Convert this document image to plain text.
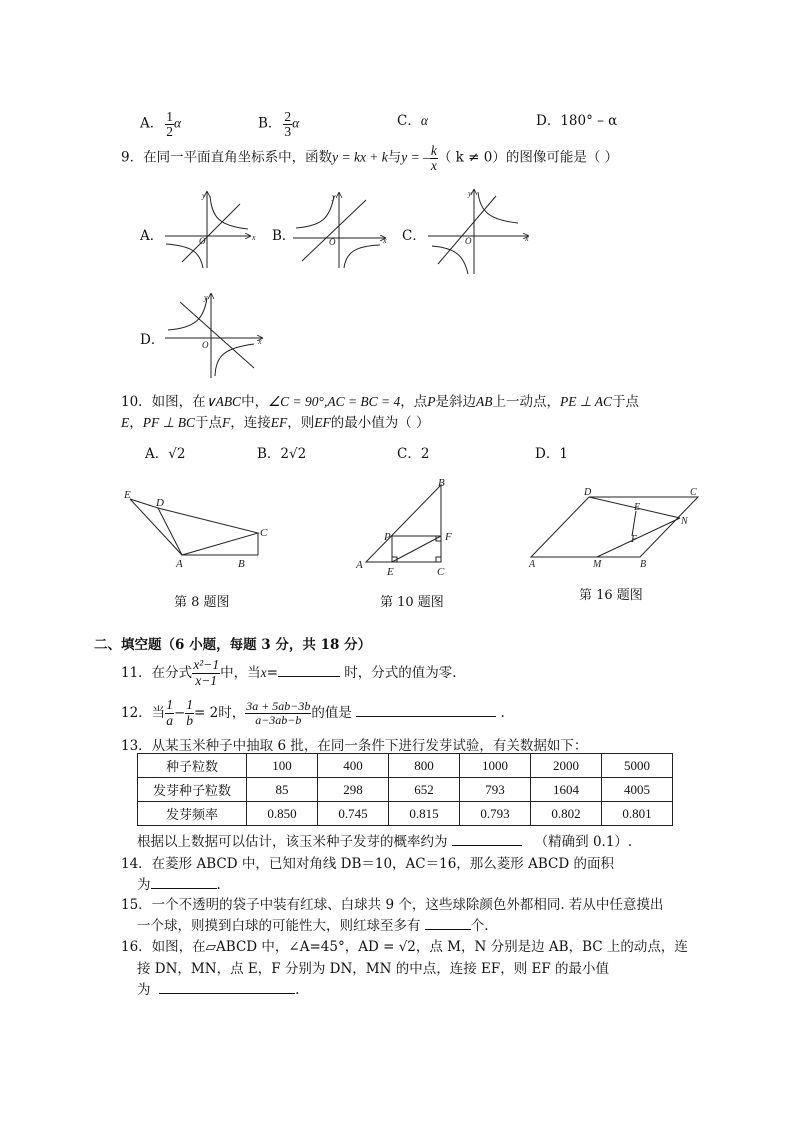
A． $\frac{1}{2}$ α	B． $\frac{2}{3}$ α	C．α	D．180° – α
9．在同一平面直角坐标系中，函数y = kx + k与y = – $\frac{k}{x}$ （ k ≠ 0）的图像可能是（ ）
A．	B．	C．
D．
y
x
O
y
x
O
y
x
O
y
x
O
10．如图，在∨ABC中，∠C = 90°,AC = BC = 4，点P是斜边AB上一动点，PE ⊥ AC于点
E，PF ⊥ BC于点F，连接EF，则EF的最小值为（ ）
A．√2	B．2√2	C．2	D．1
E
D
C
A	B
第 8 题图
B
P	F
A
E	C
第 10 题图
D	C
E
N
F
A	M	B
第 16 题图
二、填空题（6 小题，每题 3 分，共 18 分）
11．在分式 $\frac{\text{x²−1}}{x-1}$ 中，当x=	时，分式的值为零.
12．当 $\frac{1}{a} - \frac{1}{b} = 2$时， $\frac{3a + 5ab-3b}{a-3ab-b}$ 的值是	.
13．从某玉米种子中抽取 6 批，在同一条件下进行发芽试验，有关数据如下：
种子粒数	100	400	800	1000	2000	5000
发芽种子粒数	85	298	652	793	1604	4005
发芽频率	0.850	0.745	0.815	0.793	0.802	0.801
根据以上数据可以估计，该玉米种子发芽的概率约为	（精确到 0.1）.
14．在菱形 ABCD 中，已知对角线 DB＝10，AC＝16，那么菱形 ABCD 的面积
为	.
15．一个不透明的袋子中装有红球、白球共 9 个，这些球除颜色外都相同. 若从中任意摸出
一个球，则摸到白球的可能性大，则红球至多有	个.
16．如图，在▱ABCD 中，∠A=45°，AD = √2，点 M，N 分别是边 AB，BC 上的动点，连
接 DN，MN，点 E，F 分别为 DN，MN 的中点，连接 EF，则 EF 的最小值
为	.
